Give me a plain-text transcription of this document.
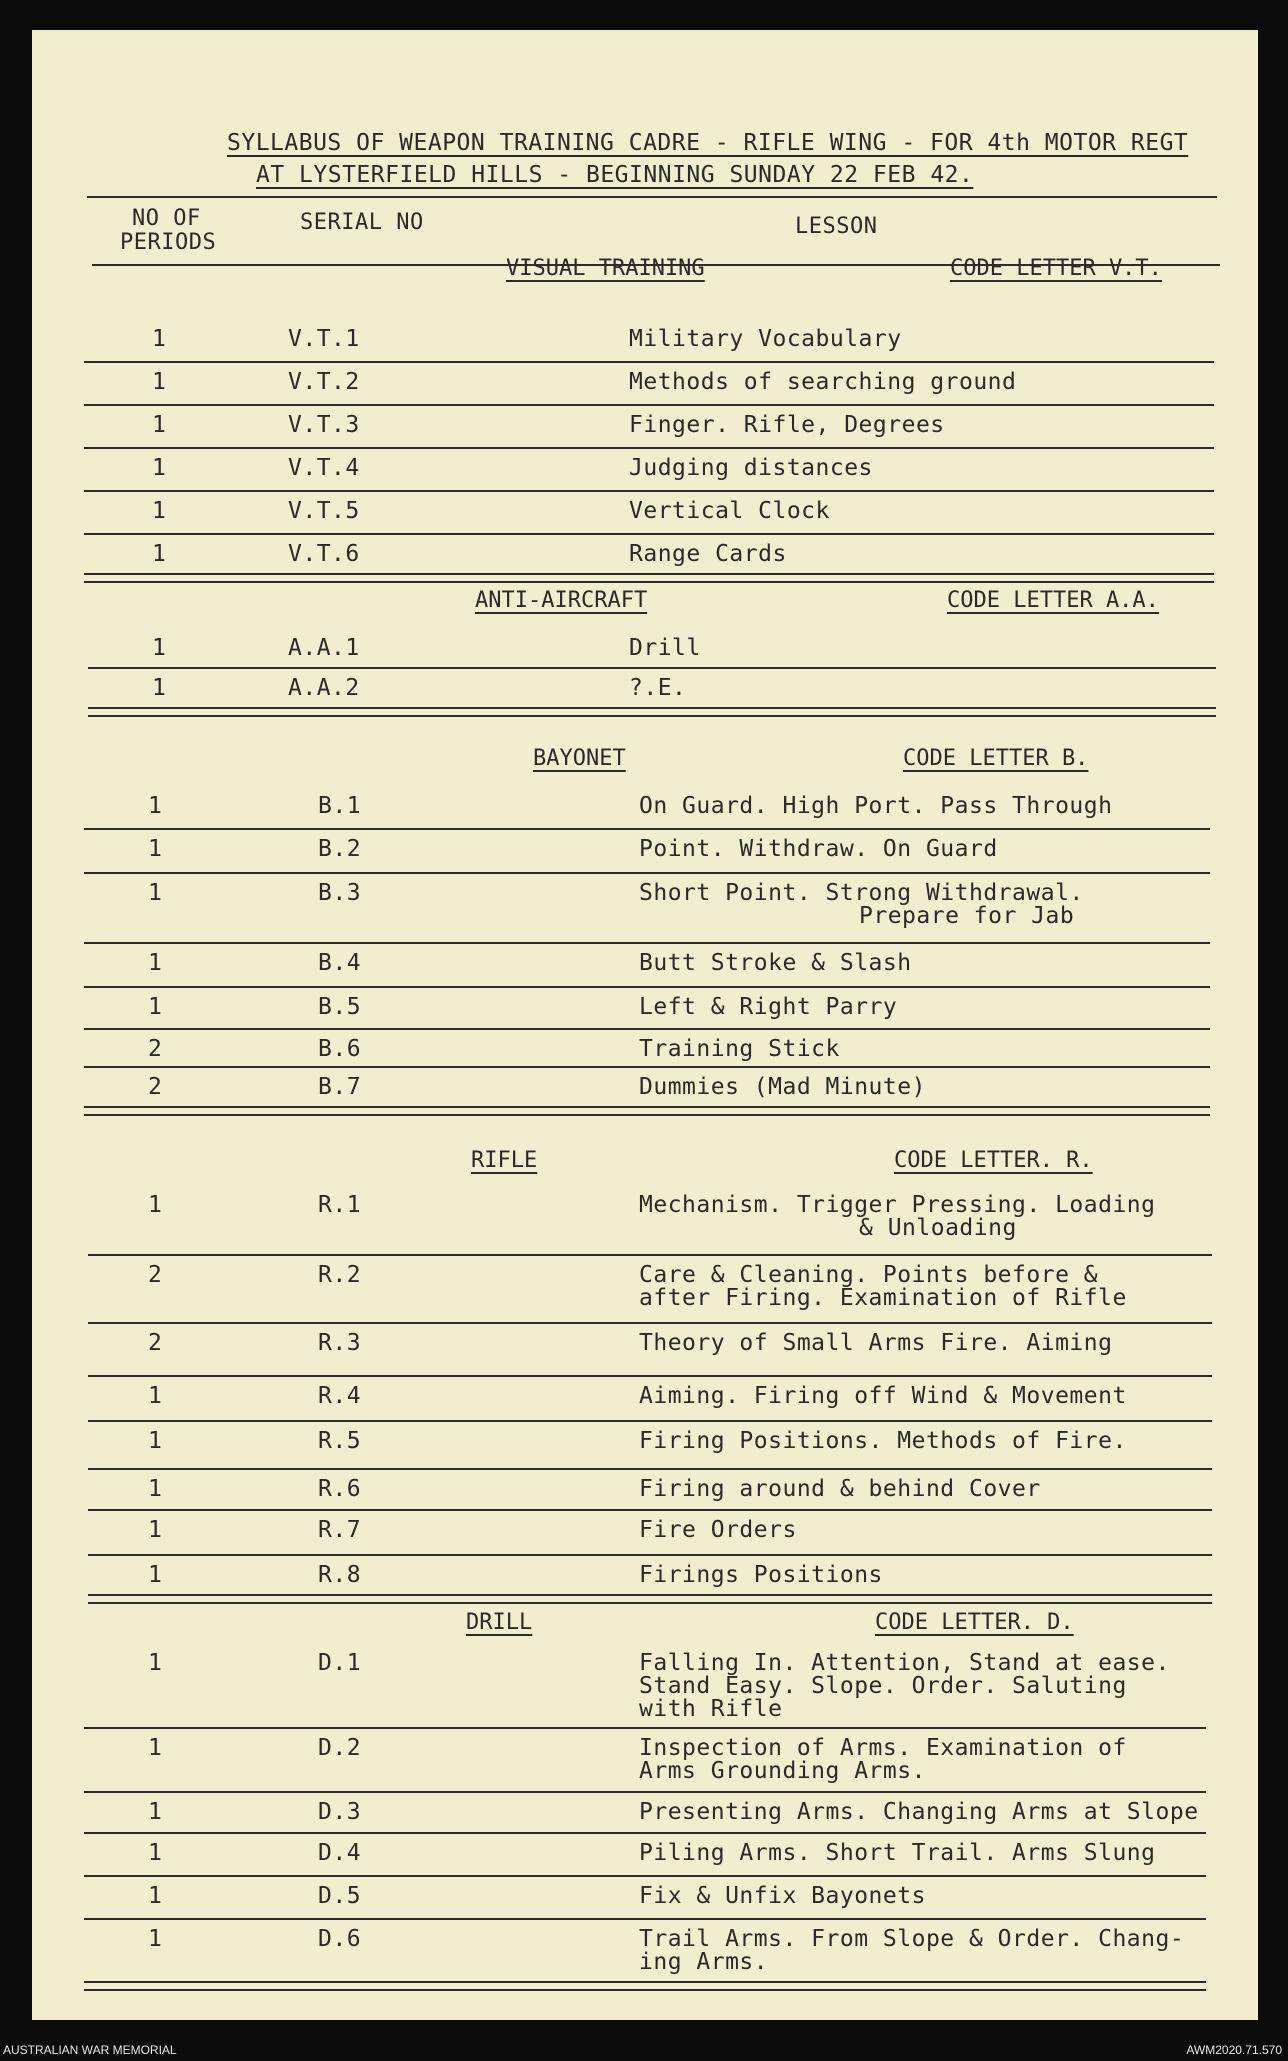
SYLLABUS OF WEAPON TRAINING CADRE - RIFLE WING - FOR 4th MOTOR REGT
AT LYSTERFIELD HILLS - BEGINNING SUNDAY 22 FEB 42.
NO OF
PERIODS
SERIAL NO	LESSON
VISUAL TRAINING	CODE LETTER V.T.
1	V.T.1	Military Vocabulary
1	V.T.2	Methods of searching ground
1	V.T.3	Finger. Rifle, Degrees
1	V.T.4	Judging distances
1	V.T.5	Vertical Clock
1	V.T.6	Range Cards
ANTI-AIRCRAFT	CODE LETTER A.A.
1	A.A.1	Drill
1	A.A.2	?.E.
BAYONET	CODE LETTER B.
1	B.1	On Guard. High Port. Pass Through
1	B.2	Point. Withdraw. On Guard
1	B.3	Short Point. Strong Withdrawal.
Prepare for Jab
1	B.4	Butt Stroke & Slash
1	B.5	Left & Right Parry
2	B.6	Training Stick
2	B.7	Dummies (Mad Minute)
RIFLE	CODE LETTER. R.
1	R.1	Mechanism. Trigger Pressing. Loading
& Unloading
2	R.2	Care & Cleaning. Points before &
after Firing. Examination of Rifle
2	R.3	Theory of Small Arms Fire. Aiming
1	R.4	Aiming. Firing off Wind & Movement
1	R.5	Firing Positions. Methods of Fire.
1	R.6	Firing around & behind Cover
1	R.7	Fire Orders
1	R.8	Firings Positions
DRILL	CODE LETTER. D.
1	D.1	Falling In. Attention, Stand at ease.
Stand Easy. Slope. Order. Saluting
with Rifle
1	D.2	Inspection of Arms. Examination of
Arms Grounding Arms.
1	D.3	Presenting Arms. Changing Arms at Slope
1	D.4	Piling Arms. Short Trail. Arms Slung
1	D.5	Fix & Unfix Bayonets
1	D.6	Trail Arms. From Slope & Order. Chang-
ing Arms.
AUSTRALIAN WAR MEMORIAL	AWM2020.71.570
